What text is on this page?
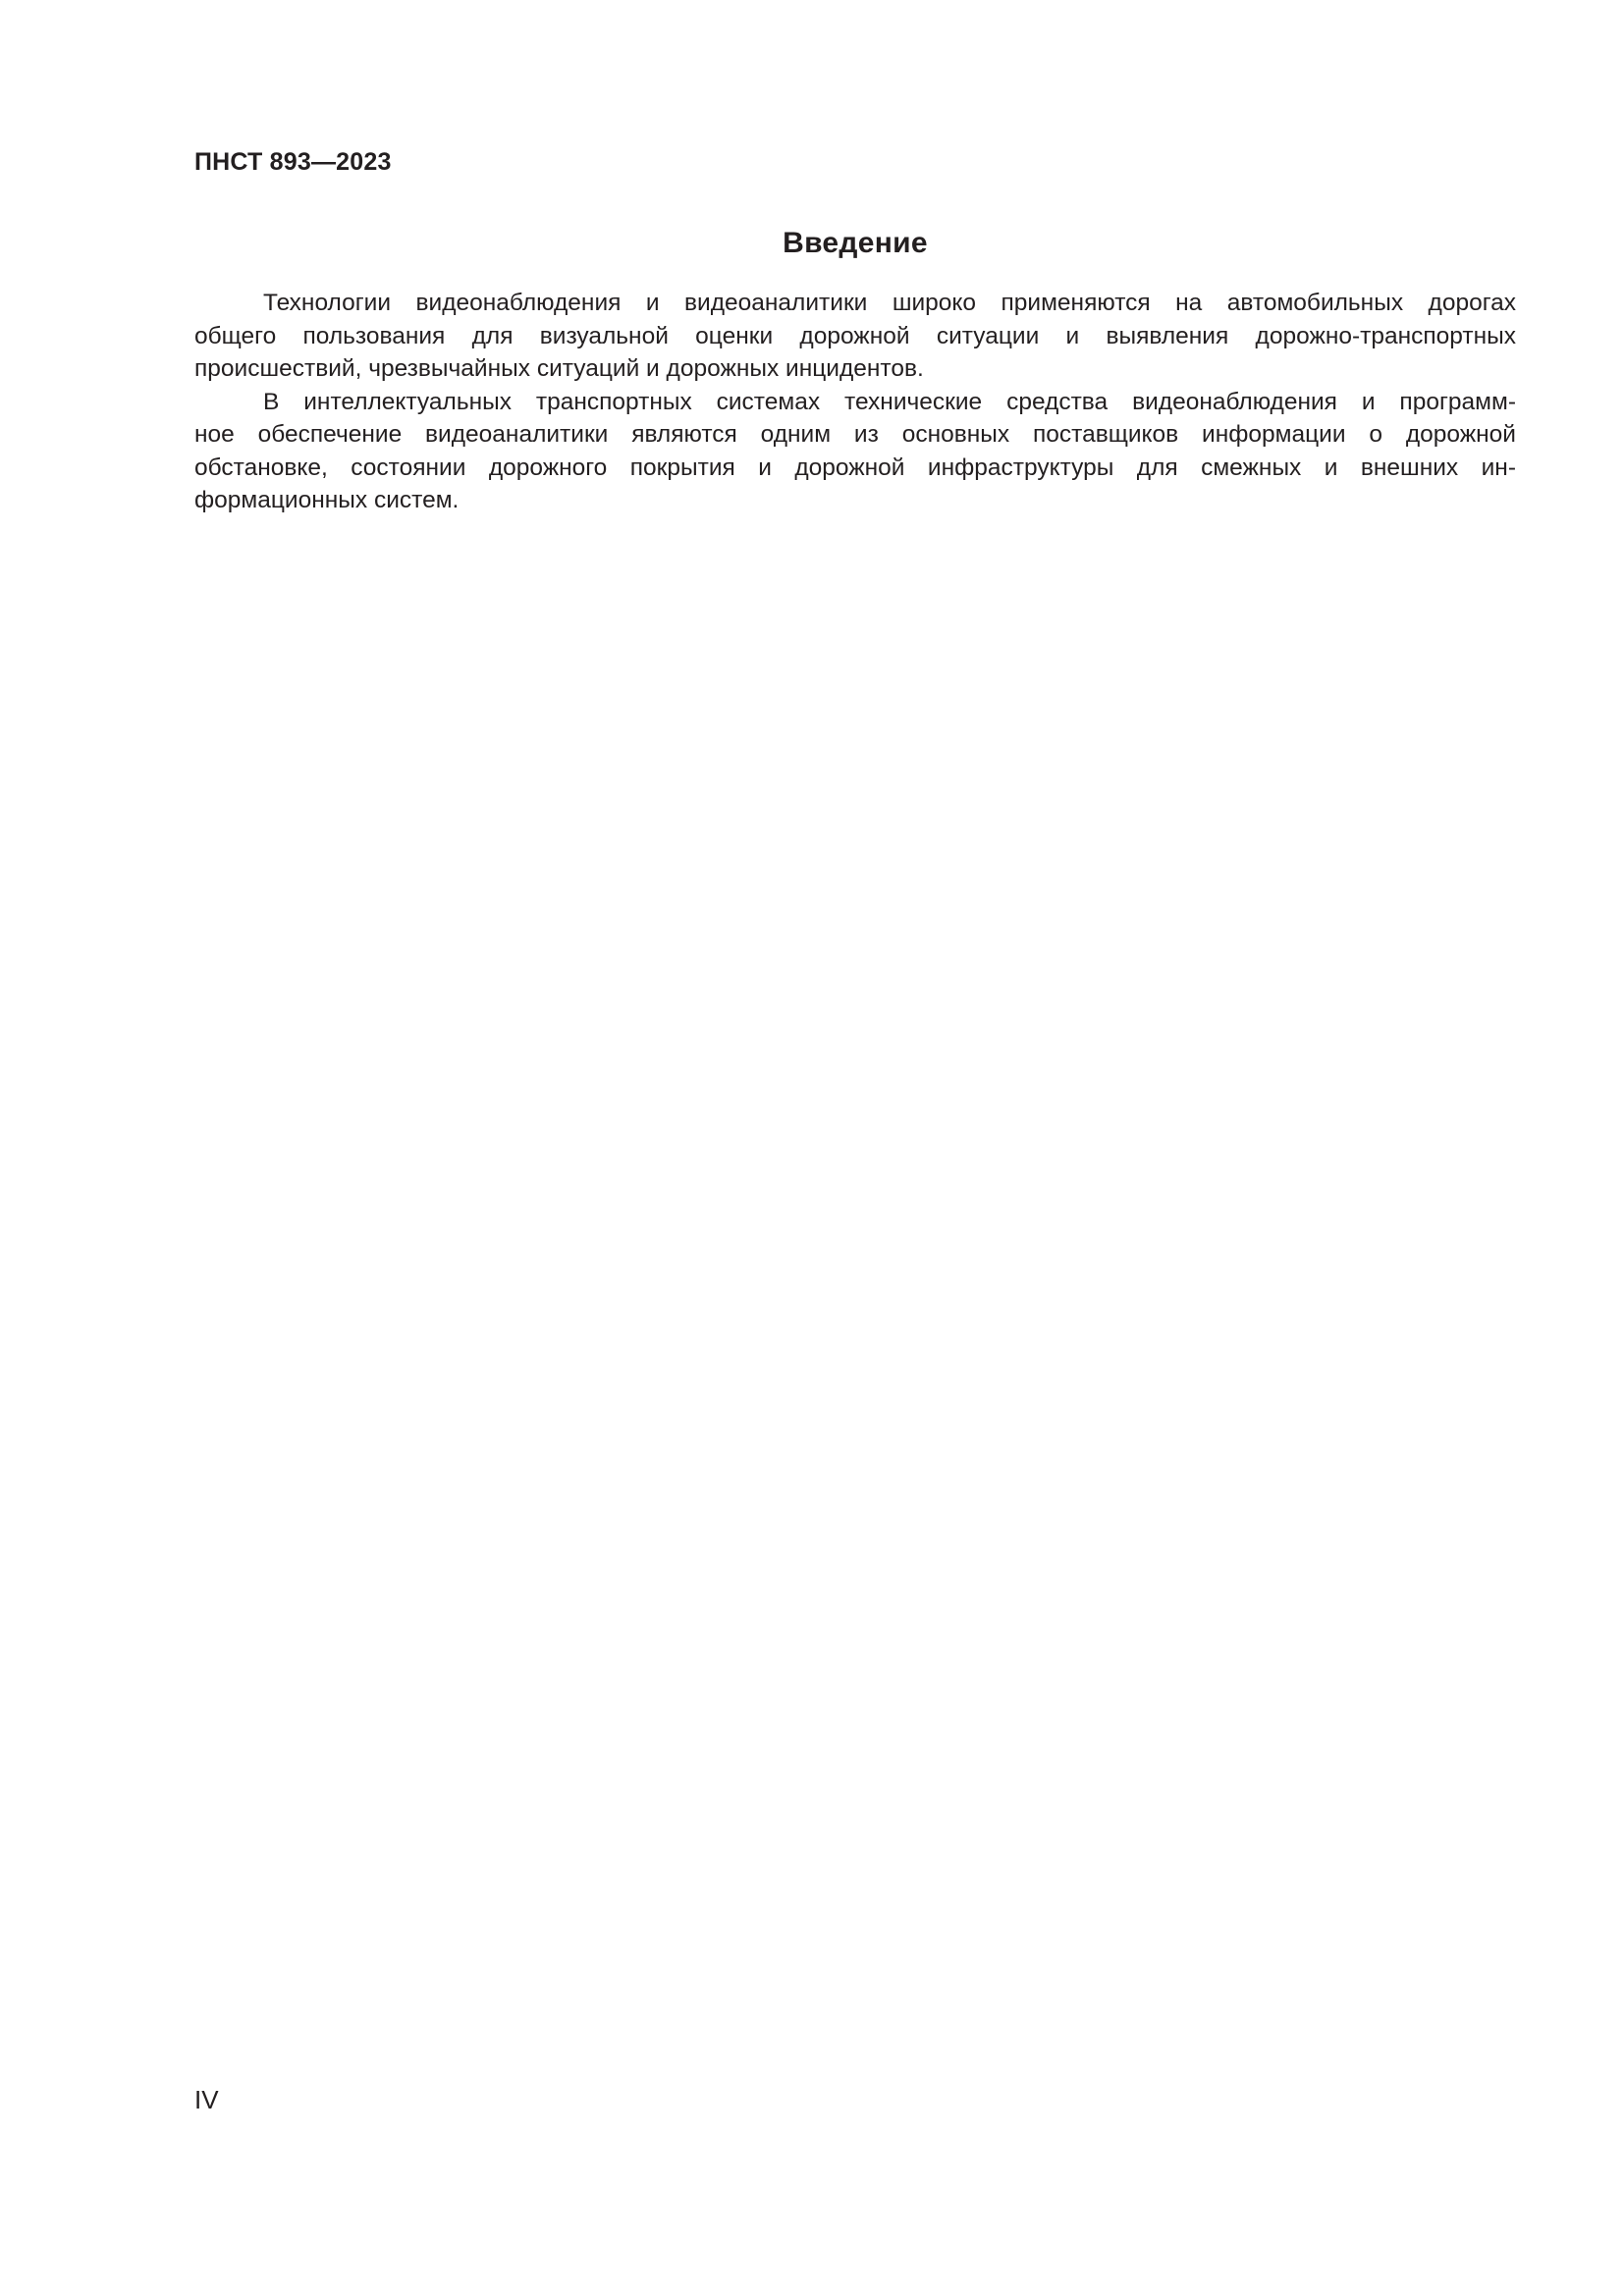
ПНСТ 893—2023
Введение

Технологии видеонаблюдения и видеоаналитики широко применяются на автомобильных дорогах
общего пользования для визуальной оценки дорожной ситуации и выявления дорожно-транспортных
происшествий, чрезвычайных ситуаций и дорожных инцидентов.

В интеллектуальных транспортных системах технические средства видеонаблюдения и программ-
ное обеспечение видеоаналитики являются одним из основных поставщиков информации о дорожной
обстановке, состоянии дорожного покрытия и дорожной инфраструктуры для смежных и внешних ин-
формационных систем.

IV
